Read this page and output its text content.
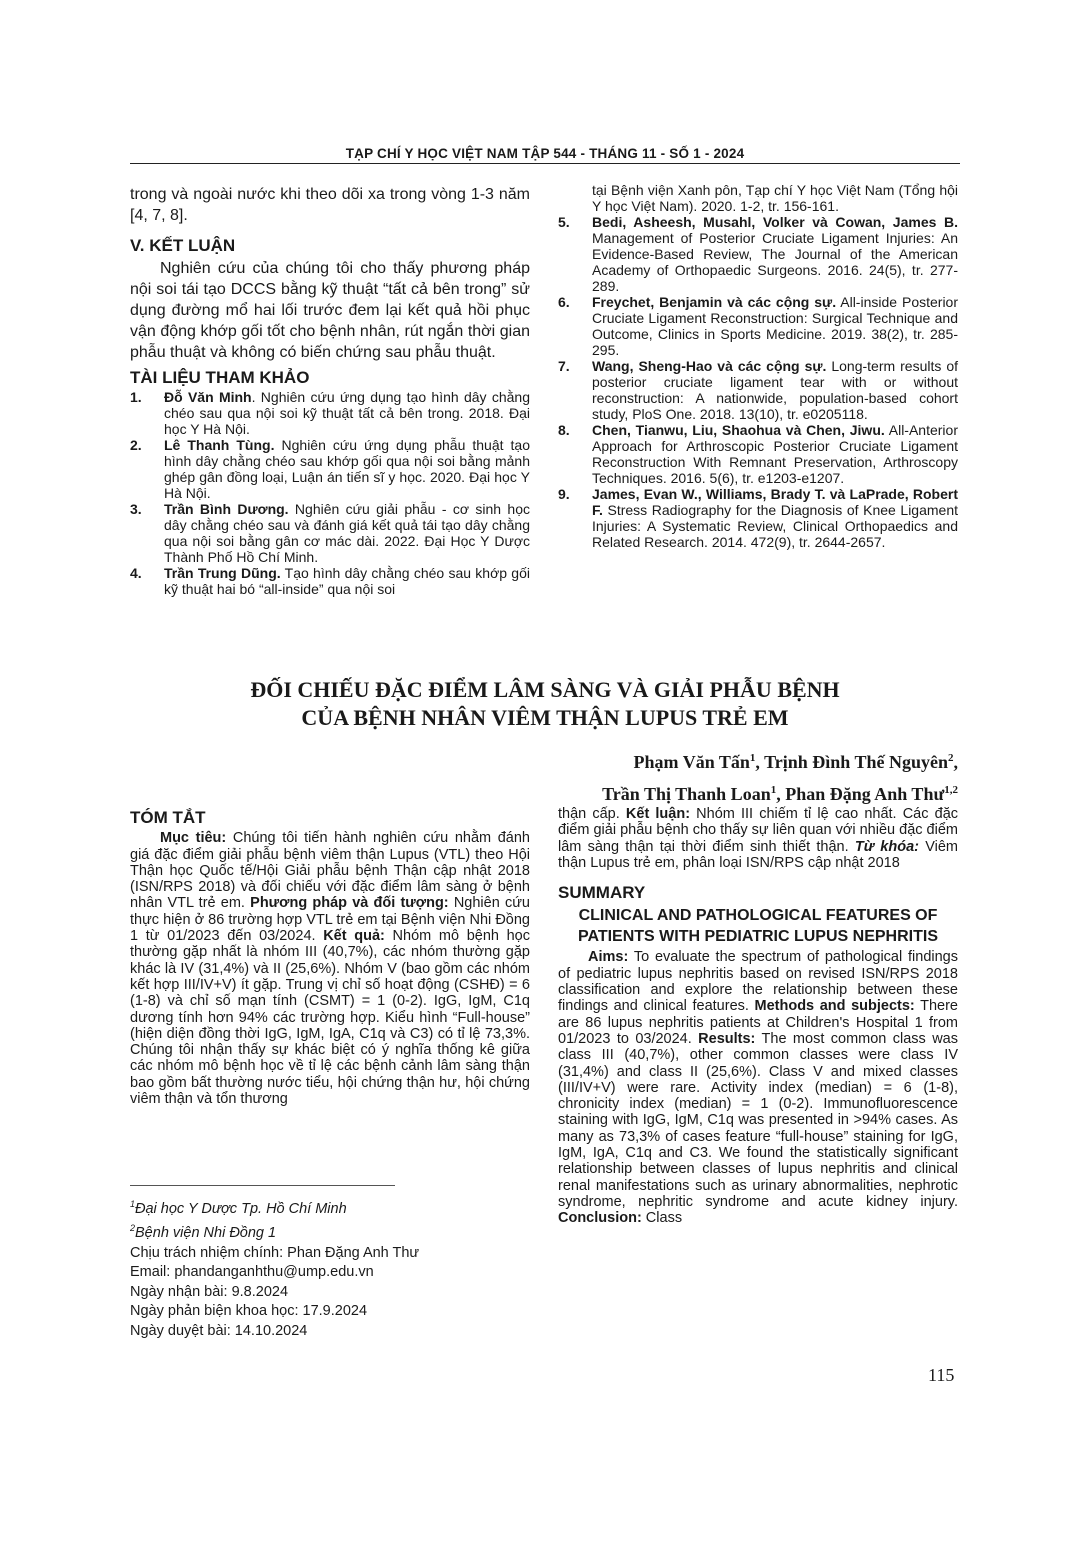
TẠP CHÍ Y HỌC VIỆT NAM TẬP 544 - THÁNG 11 - SỐ 1 - 2024
trong và ngoài nước khi theo dõi xa trong vòng 1-3 năm [4, 7, 8].
V. KẾT LUẬN
Nghiên cứu của chúng tôi cho thấy phương pháp nội soi tái tạo DCCS bằng kỹ thuật “tất cả bên trong” sử dụng đường mổ hai lối trước đem lại kết quả hồi phục vận động khớp gối tốt cho bệnh nhân, rút ngắn thời gian phẫu thuật và không có biến chứng sau phẫu thuật.
TÀI LIỆU THAM KHẢO
1.	Đỗ Văn Minh. Nghiên cứu ứng dụng tạo hình dây chằng chéo sau qua nội soi kỹ thuật tất cả bên trong. 2018. Đại học Y Hà Nội.
2.	Lê Thanh Tùng. Nghiên cứu ứng dụng phẫu thuật tạo hình dây chằng chéo sau khớp gối qua nội soi bằng mảnh ghép gân đồng loại, Luận án tiến sĩ y học. 2020. Đại học Y Hà Nội.
3.	Trần Bình Dương. Nghiên cứu giải phẫu - cơ sinh học dây chằng chéo sau và đánh giá kết quả tái tạo dây chằng qua nội soi bằng gân cơ mác dài. 2022. Đại Học Y Dược Thành Phố Hồ Chí Minh.
4.	Trần Trung Dũng. Tạo hình dây chằng chéo sau khớp gối kỹ thuật hai bó “all-inside” qua nội soi
tại Bệnh viện Xanh pôn, Tạp chí Y học Việt Nam (Tổng hội Y học Việt Nam). 2020. 1-2, tr. 156-161.
5.	Bedi, Asheesh, Musahl, Volker và Cowan, James B. Management of Posterior Cruciate Ligament Injuries: An Evidence-Based Review, The Journal of the American Academy of Orthopaedic Surgeons. 2016. 24(5), tr. 277-289.
6.	Freychet, Benjamin và các cộng sự. All-inside Posterior Cruciate Ligament Reconstruction: Surgical Technique and Outcome, Clinics in Sports Medicine. 2019. 38(2), tr. 285-295.
7.	Wang, Sheng-Hao và các cộng sự. Long-term results of posterior cruciate ligament tear with or without reconstruction: A nationwide, population-based cohort study, PloS One. 2018. 13(10), tr. e0205118.
8.	Chen, Tianwu, Liu, Shaohua và Chen, Jiwu. All-Anterior Approach for Arthroscopic Posterior Cruciate Ligament Reconstruction With Remnant Preservation, Arthroscopy Techniques. 2016. 5(6), tr. e1203-e1207.
9.	James, Evan W., Williams, Brady T. và LaPrade, Robert F. Stress Radiography for the Diagnosis of Knee Ligament Injuries: A Systematic Review, Clinical Orthopaedics and Related Research. 2014. 472(9), tr. 2644-2657.
ĐỐI CHIẾU ĐẶC ĐIỂM LÂM SÀNG VÀ GIẢI PHẪU BỆNH
CỦA BỆNH NHÂN VIÊM THẬN LUPUS TRẺ EM
Phạm Văn Tấn$^1$, Trịnh Đình Thế Nguyên$^2$,
Trần Thị Thanh Loan$^1$, Phan Đặng Anh Thư$^{1,2}$
TÓM TẮT
Mục tiêu: Chúng tôi tiến hành nghiên cứu nhằm đánh giá đặc điểm giải phẫu bệnh viêm thận Lupus (VTL) theo Hội Thận học Quốc tế/Hội Giải phẫu bệnh Thận cập nhật 2018 (ISN/RPS 2018) và đối chiếu với đặc điểm lâm sàng ở bệnh nhân VTL trẻ em. Phương pháp và đối tượng: Nghiên cứu thực hiện ở 86 trường hợp VTL trẻ em tại Bệnh viện Nhi Đồng 1 từ 01/2023 đến 03/2024. Kết quả: Nhóm mô bệnh học thường gặp nhất là nhóm III (40,7%), các nhóm thường gặp khác là IV (31,4%) và II (25,6%). Nhóm V (bao gồm các nhóm kết hợp III/IV+V) ít gặp. Trung vị chỉ số hoạt động (CSHĐ) = 6 (1-8) và chỉ số mạn tính (CSMT) = 1 (0-2). IgG, IgM, C1q dương tính hơn 94% các trường hợp. Kiểu hình “Full-house” (hiện diện đồng thời IgG, IgM, IgA, C1q và C3) có tỉ lệ 73,3%. Chúng tôi nhận thấy sự khác biệt có ý nghĩa thống kê giữa các nhóm mô bệnh học về tỉ lệ các bệnh cảnh lâm sàng thận bao gồm bất thường nước tiểu, hội chứng thận hư, hội chứng viêm thận và tổn thương
thận cấp. Kết luận: Nhóm III chiếm tỉ lệ cao nhất. Các đặc điểm giải phẫu bệnh cho thấy sự liên quan với nhiều đặc điểm lâm sàng thận tại thời điểm sinh thiết thận. Từ khóa: Viêm thận Lupus trẻ em, phân loại ISN/RPS cập nhật 2018
SUMMARY
CLINICAL AND PATHOLOGICAL FEATURES OF PATIENTS WITH PEDIATRIC LUPUS NEPHRITIS
Aims: To evaluate the spectrum of pathological findings of pediatric lupus nephritis based on revised ISN/RPS 2018 classification and explore the relationship between these findings and clinical features. Methods and subjects: There are 86 lupus nephritis patients at Children's Hospital 1 from 01/2023 to 03/2024. Results: The most common class was class III (40,7%), other common classes were class IV (31,4%) and class II (25,6%). Class V and mixed classes (III/IV+V) were rare. Activity index (median) = 6 (1-8), chronicity index (median) = 1 (0-2). Immunofluorescence staining with IgG, IgM, C1q was presented in >94% cases. As many as 73,3% of cases feature “full-house” staining for IgG, IgM, IgA, C1q and C3. We found the statistically significant relationship between classes of lupus nephritis and clinical renal manifestations such as urinary abnormalities, nephrotic syndrome, nephritic syndrome and acute kidney injury. Conclusion: Class
$^1$Đại học Y Dược Tp. Hồ Chí Minh
$^2$Bệnh viện Nhi Đồng 1
Chịu trách nhiệm chính: Phan Đặng Anh Thư
Email: phandanganhthu@ump.edu.vn
Ngày nhận bài: 9.8.2024
Ngày phản biện khoa học: 17.9.2024
Ngày duyệt bài: 14.10.2024
115
